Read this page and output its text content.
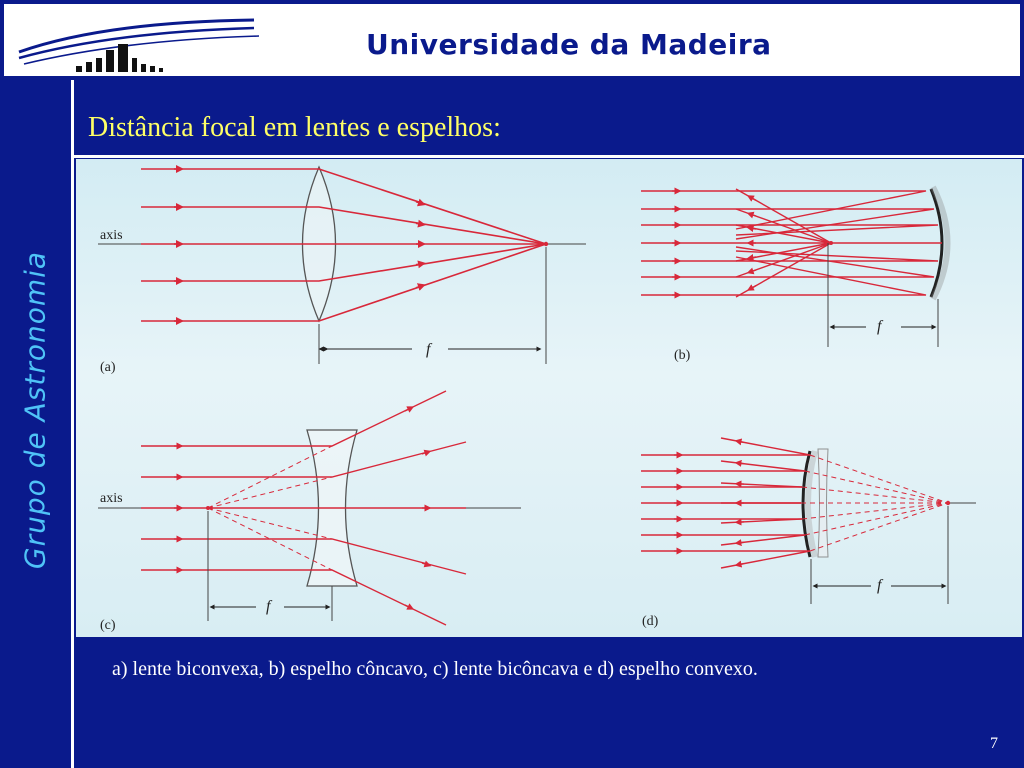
Universidade da Madeira
Grupo de Astronomia
Distância focal em lentes e espelhos:
axis
f
(a)
f
(b)
axis
f
(c)
f
(d)
a) lente biconvexa, b) espelho côncavo, c) lente bicôncava e d) espelho convexo.
7
